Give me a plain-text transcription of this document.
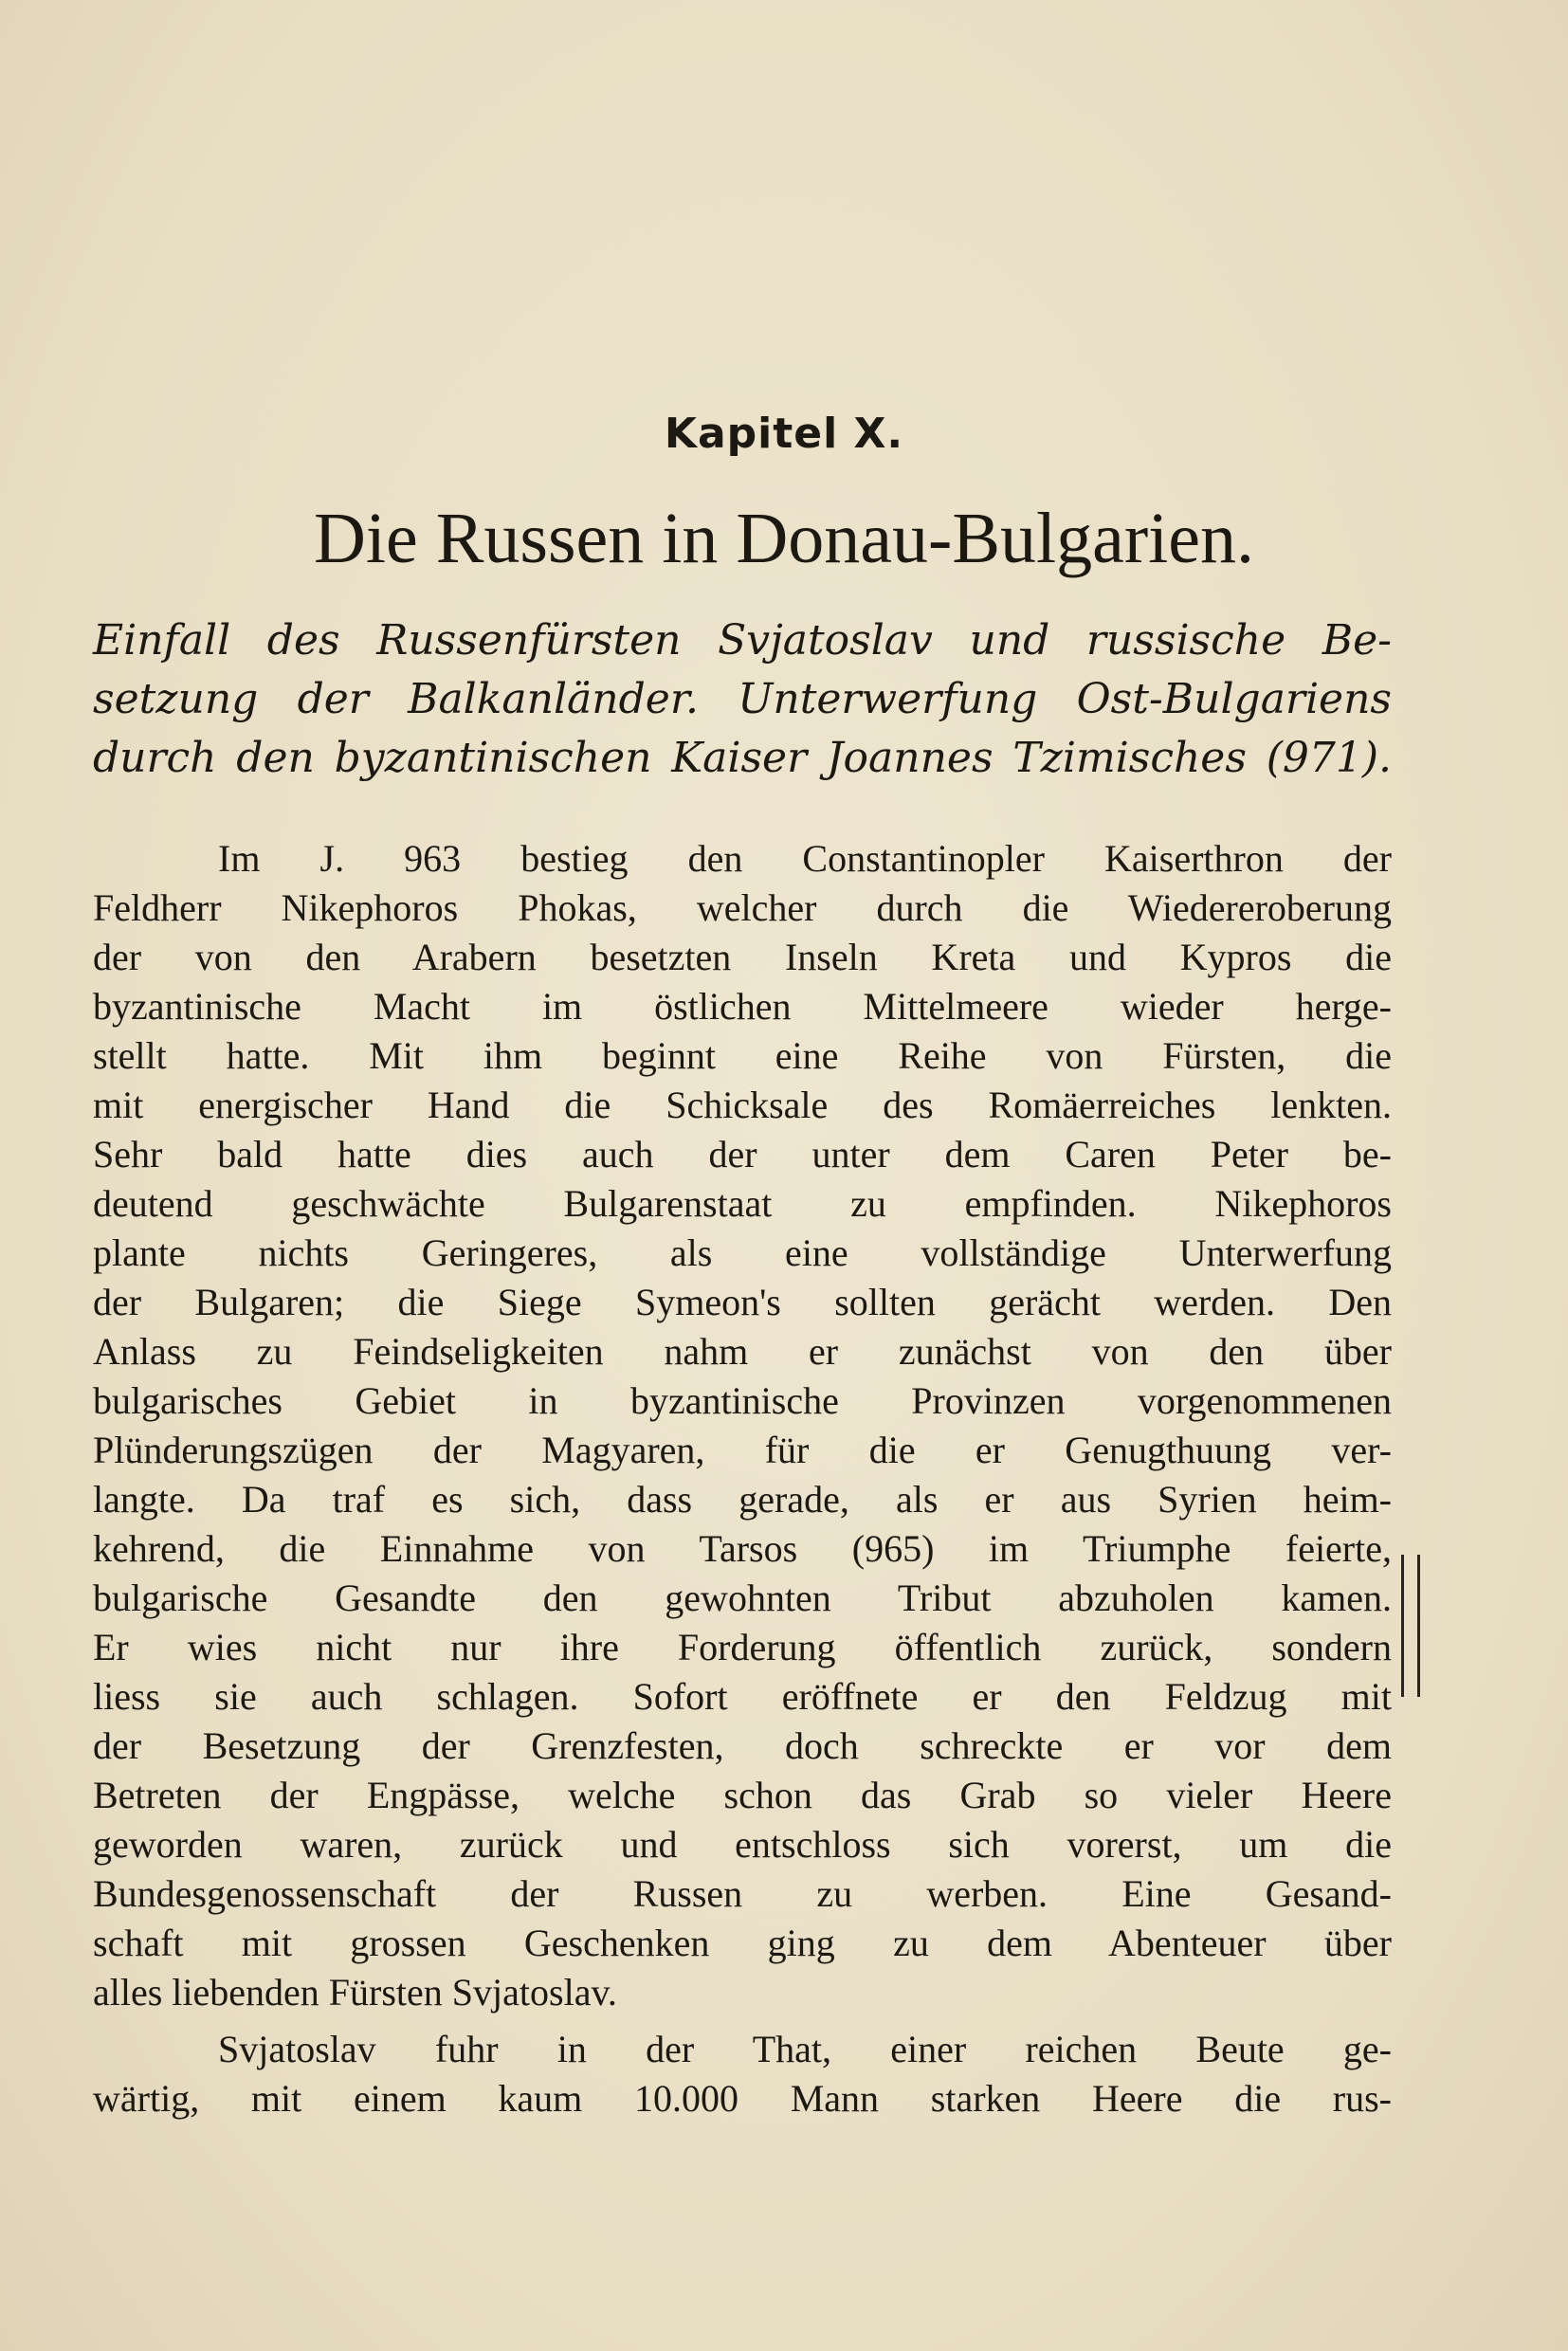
Kapitel X.
Die Russen in Donau-Bulgarien.
Einfall des Russenfürsten Svjatoslav und russische Be-
setzung der Balkanländer. Unterwerfung Ost-Bulgariens
durch den byzantinischen Kaiser Joannes Tzimisches (971).
Im J. 963 bestieg den Constantinopler Kaiserthron der
Feldherr Nikephoros Phokas, welcher durch die Wiedereroberung
der von den Arabern besetzten Inseln Kreta und Kypros die
byzantinische Macht im östlichen Mittelmeere wieder herge-
stellt hatte. Mit ihm beginnt eine Reihe von Fürsten, die
mit energischer Hand die Schicksale des Romäerreiches lenkten.
Sehr bald hatte dies auch der unter dem Caren Peter be-
deutend geschwächte Bulgarenstaat zu empfinden. Nikephoros
plante nichts Geringeres, als eine vollständige Unterwerfung
der Bulgaren; die Siege Symeon's sollten gerächt werden. Den
Anlass zu Feindseligkeiten nahm er zunächst von den über
bulgarisches Gebiet in byzantinische Provinzen vorgenommenen
Plünderungszügen der Magyaren, für die er Genugthuung ver-
langte. Da traf es sich, dass gerade, als er aus Syrien heim-
kehrend, die Einnahme von Tarsos (965) im Triumphe feierte,
bulgarische Gesandte den gewohnten Tribut abzuholen kamen.
Er wies nicht nur ihre Forderung öffentlich zurück, sondern
liess sie auch schlagen. Sofort eröffnete er den Feldzug mit
der Besetzung der Grenzfesten, doch schreckte er vor dem
Betreten der Engpässe, welche schon das Grab so vieler Heere
geworden waren, zurück und entschloss sich vorerst, um die
Bundesgenossenschaft der Russen zu werben. Eine Gesand-
schaft mit grossen Geschenken ging zu dem Abenteuer über
alles liebenden Fürsten Svjatoslav.
Svjatoslav fuhr in der That, einer reichen Beute ge-
wärtig, mit einem kaum 10.000 Mann starken Heere die rus-
